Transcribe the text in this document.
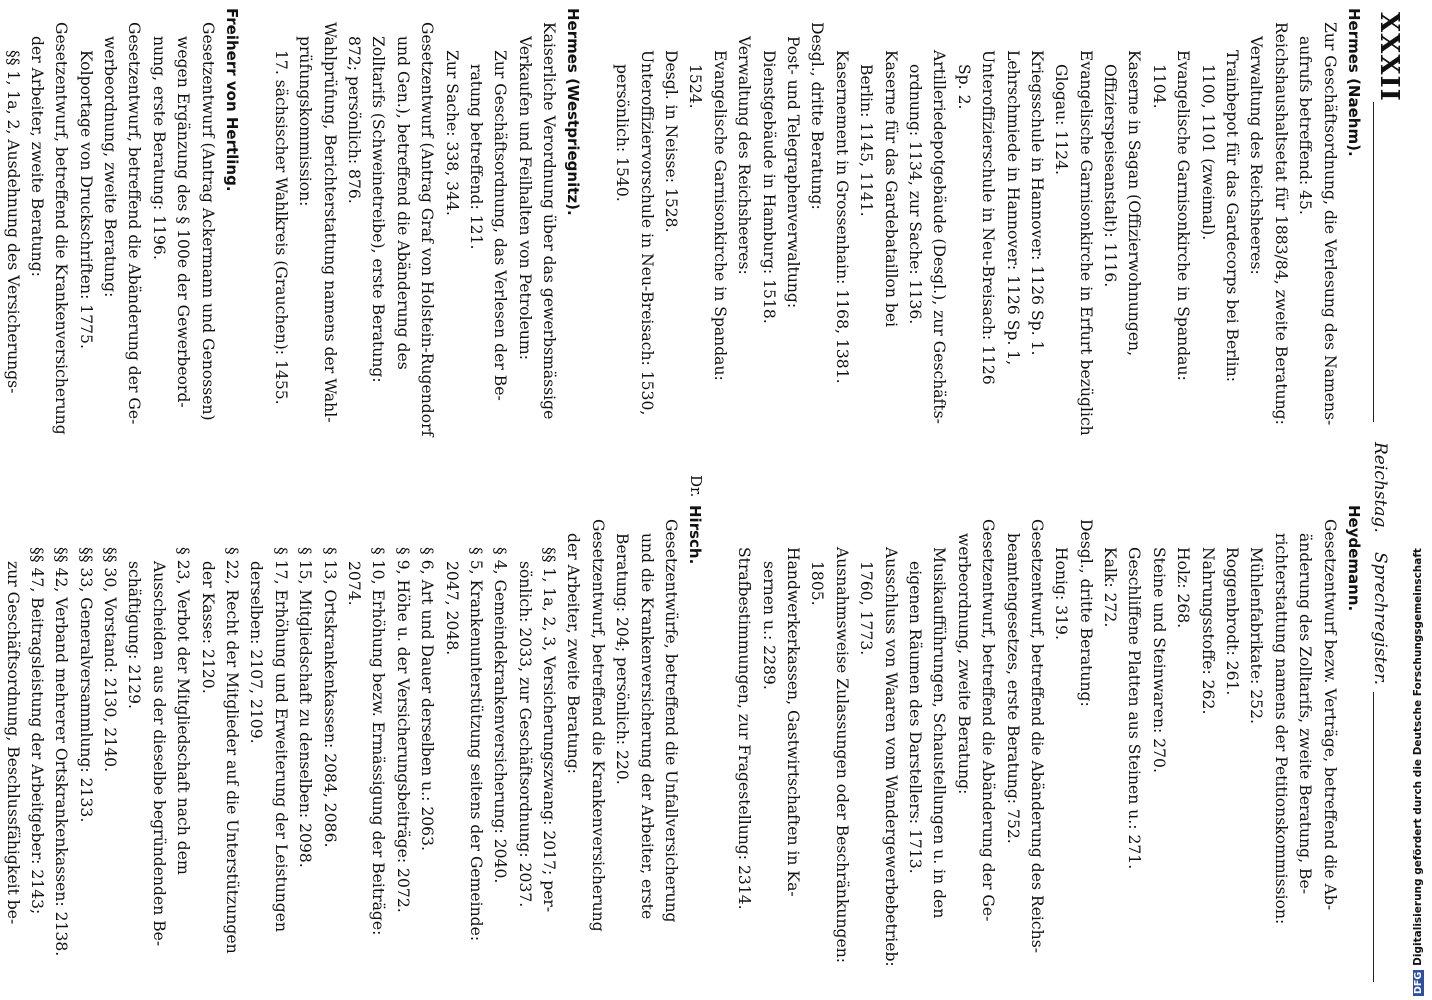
XXXII
Reichstag.
Sprechregister.
Hermes (Naehm).
Zur Geschäftsordnung, die Verlesung des Namens-
aufrufs betreffend: 45.
Reichshaushaltsetat für 1883/84, zweite Beratung:
Verwaltung des Reichsheeres:
Trainbepot für das Gardecorps bei Berlin:
1100, 1101 (zweimal).
Evangelische Garnisonkirche in Spandau:
1104.
Kaserne in Sagan (Offizierwohnungen,
Offizierspeiseanstalt): 1116.
Evangelische Garnisonkirche in Erfurt bezüglich
Glogau: 1124.
Kriegsschule in Hannover: 1126 Sp. 1.
Lehrschmiede in Hannover: 1126 Sp. 1,
Unteroffizierschule in Neu-Breisach: 1126
Sp. 2.
Artilleriedepotgebäude (Desgl.), zur Geschäfts-
ordnung: 1134, zur Sache: 1136.
Kaserne für das Gardebataillon bei
Berlin: 1145, 1141.
Kasernement in Grossenhain: 1168, 1381.
Desgl., dritte Beratung:
Post- und Telegraphenverwaltung:
Dienstgebäude in Hamburg: 1518.
Verwaltung des Reichsheeres:
Evangelische Garnisonkirche in Spandau:
1524.
Desgl. in Neisse: 1528.
Unteroffiziervorschule in Neu-Breisach: 1530,
persönlich: 1540.
Hermes (Westpriegnitz).
Kaiserliche Verordnung über das gewerbsmässige
Verkaufen und Feilhalten von Petroleum:
Zur Geschäftsordnung, das Verlesen der Be-
ratung betreffend: 121.
Zur Sache: 338, 344.
Gesetzentwurf (Antrag Graf von Holstein-Rugendorf
und Gen.), betreffend die Abänderung des
Zolltarifs (Schweinetreibe), erste Beratung:
872; persönlich: 876.
Wahlprüfung, Berichterstattung namens der Wahl-
prüfungskommission:
17. sächsischer Wahlkreis (Grauchen): 1455.
Freiherr von Hertling.
Gesetzentwurf (Antrag Ackermann und Genossen)
wegen Ergänzung des § 100e der Gewerbeord-
nung, erste Beratung: 1196.
Gesetzentwurf, betreffend die Abänderung der Ge-
werbeordnung, zweite Beratung:
Kolportage von Druckschriften: 1775.
Gesetzentwurf, betreffend die Krankenversicherung
der Arbeiter, zweite Beratung:
§§ 1, 1a, 2, Ausdehnung des Versicherungs-
Dr.
Heydemann.
Gesetzentwurf bezw. Verträge, betreffend die Ab-
änderung des Zolltarifs, zweite Beratung, Be-
richterstattung namens der Petitionskommission:
Mühlenfabrikate: 252.
Roggenbrodt: 261.
Nahrungsstoffe: 262.
Holz: 268.
Steine und Steinwaren: 270.
Geschliffene Platten aus Steinen u.: 271.
Kalk: 272.
Desgl., dritte Beratung:
Honig: 319.
Gesetzentwurf, betreffend die Abänderung des Reichs-
beamtengesetzes, erste Beratung: 752.
Gesetzentwurf, betreffend die Abänderung der Ge-
werbeordnung, zweite Beratung:
Musikaufführungen, Schaustellungen u. in den
eigenen Räumen des Darstellers: 1713.
Ausschluss von Waaren vom Wandergewerbebetrieb:
1760, 1773.
Ausnahmsweise Zulassungen oder Beschränkungen:
1805.
Handwerkerkassen, Gastwirtschaften in Ka-
sernen u.: 2289.
Strafbestimmungen, zur Fragestellung: 2314.
Hirsch.
Gesetzentwürfe, betreffend die Unfallversicherung
und die Krankenversicherung der Arbeiter, erste
Beratung: 204; persönlich: 220.
Gesetzentwurf, betreffend die Krankenversicherung
der Arbeiter, zweite Beratung:
§§ 1, 1a, 2, 3, Versicherungszwang: 2017; per-
sönlich: 2033, zur Geschäftsordnung: 2037.
§ 4, Gemeindekrankenversicherung: 2040.
§ 5, Krankenunterstützung seitens der Gemeinde:
2047, 2048.
§ 6, Art und Dauer derselben u.: 2063.
§ 9, Höhe u. der Versicherungsbeiträge: 2072.
§ 10, Erhöhung bezw. Ermässigung der Beiträge:
2074.
§ 13, Ortskrankenkassen: 2084, 2086.
§ 15, Mitgliedschaft zu denselben: 2098.
§ 17, Erhöhung und Erweiterung der Leistungen
derselben: 2107, 2109.
§ 22, Recht der Mitglieder auf die Unterstützungen
der Kasse: 2120.
§ 23, Verbot der Mitgliedschaft nach dem
Ausscheiden aus der dieselbe begründenden Be-
schäftigung: 2129.
§§ 30, Vorstand: 2130, 2140.
§§ 33, Generalversammlung: 2133.
§§ 42, Verband mehrerer Ortskrankenkassen: 2138.
§§ 47, Beitragsleistung der Arbeitgeber: 2143;
zur Geschäftsordnung, Beschlussfähigkeit be-
DFGDigitalisierung gefördert durch die Deutsche Forschungsgemeinschaft
